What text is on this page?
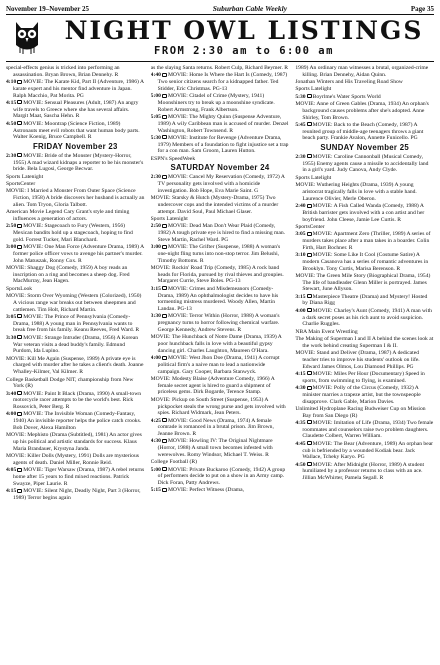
November 19–November 25	Suburban Cable Weekly	Page 35
NIGHT OWL LISTINGS
FROM 2:30 am to 6:00 am
special-effects genius is tricked into performing an assassination. Bryan Brown, Brian Dennehy. R
4:10 MOVIE: The Karate Kid, Part II (Adventure, 1986) A karate expert and his mentor find adventure in Japan. Ralph Macchio, Pat Morita. PG
4:15 MOVIE: Sensual Pleasures (Adult, 1987) An angry wife travels to Greece where she has several affairs. Margit Maat, Sascha Hehn. R
4:50 MOVIE: Moontrap (Science Fiction, 1989) Astronauts meet evil robots that want human body parts. Walter Koenig, Bruce Campbell. R
FRIDAY November 23
2:30 MOVIE: Bride of the Monster (Mystery-Horror, 1955) A mad wizard kidnaps a reporter to be his monster's bride. Bela Lugosi, George Becwar.
Sports Latenight
SportsCenter
MOVIE: I Married a Monster From Outer Space (Science Fiction, 1958) A bride discovers her husband is actually an alien. Tom Tryon, Gloria Talbott.
American Movie Legend Cary Grant's style and timing influences a generation of actors.
2:50 MOVIE: Stagecoach to Fury (Western, 1956) Mexican bandits hold up a stagecoach, hoping to find gold. Forrest Tucker, Mari Blanchard.
3:00 MOVIE: One Man Force (Adventure Drama, 1989) A former police officer vows to avenge his partner's murder. John Matuszak, Ronny Cox. R
MOVIE: Shaggy Dog (Comedy, 1959) A boy reads an inscription on a ring and becomes a sheep dog. Fred MacMurray, Jean Hagen.
SportsLook
MOVIE: Storm Over Wyoming (Western (Colorized), 1950) A vicious range war breaks out between sheepmen and cattlemen. Tim Holt, Richard Martin.
3:05 MOVIE: The Prince of Pennsylvania (Comedy-Drama, 1988) A young man in Pennsylvania wants to break free from his family. Keanu Reeves, Fred Ward. R
3:30 MOVIE: Strange Intruder (Drama, 1956) A Korean War veteran visits a dead buddy's family. Edmund Purdom, Ida Lupino.
MOVIE: Kill Me Again (Suspense, 1989) A private eye is charged with murder after he takes a client's death. Joanne Whalley-Kilmer, Val Kilmer. R
College Basketball Dodge NIT, championship from New York (R)
3:40 MOVIE: Paint It Black (Drama, 1990) A small-town motorcycle racer attempts to be the world's best. Rick Rossovich, Peter Berg. R
4:00 MOVIE: The Invisible Woman (Comedy-Fantasy, 1940) An invisible reporter helps the police catch crooks. Bob Dover, Alexa Hamilton
MOVIE: Mephisto (Drama (Subtitled), 1981) An actor gives up his political and artistic standards for success. Klaus Maria Brandauer, Krystyna Janda.
MOVIE: Killer Dolls (Mystery, 1991) Dolls are mysterious agents of death. Daniel Miller, Ronnie Reid.
4:05 MOVIE: Tiger Warsaw (Drama, 1987) A rebel returns home after 15 years to find mixed reactions. Patrick Swayze, Piper Laurie. R
4:15 MOVIE: Silent Night, Deadly Night, Part 3 (Horror, 1989) Terror begins again
as the slaying Santa returns. Robert Culp, Richard Beymer. R
4:40 MOVIE: Home Is Where the Hart Is (Comedy, 1987) Two senior citizens search for a kidnapped father. Ted Stidder, Eric Christmas. PG-13
5:00 MOVIE: Citadel of Crime (Mystery, 1941) Moonshiners try to break up a moonshine syndicate. Robert Armstrong, Frank Albertson.
5:05 MOVIE: The Mighty Quinn (Suspense Adventure, 1989) A wily Caribbean man is accused of murder. Denzel Washington, Robert Townsend. R
5:30 MOVIE: Institute for Revenge (Adventure Drama, 1979) Members of a foundation to fight injustice set a trap for a con man. Sam Groom, Lauren Hutton.
ESPN's SpeedWeek
SATURDAY November 24
2:30 MOVIE: Cancel My Reservation (Comedy, 1972) A TV personality gets involved with a homicide investigation. Bob Hope, Eva Marie Saint. G
MOVIE: Starsky & Hutch (Mystery-Drama, 1975) Two undercover cops and the intended victims of a murder attempt. David Soul, Paul Michael Glaser.
Sports Latenight
2:50 MOVIE: Dead Man Don't Wear Plaid (Comedy, 1982) A tough private eye is hired to find a missing man. Steve Martin, Rachel Ward. PG
3:00 MOVIE: The Grifter (Suspense, 1988) A woman's one-night fling turns into non-stop terror. Jim Belushi, Timothy Bottoms. R
MOVIE: Rockin' Road Trip (Comedy, 1985) A rock band heads for Florida, pursued by rival thieves and groupies. Margaret Currie, Steve Boles. PG-13
3:15 MOVIE: Crimes and Misdemeanors (Comedy-Drama, 1989) An ophthalmologist decides to have his tormenting mistress murdered. Woody Allen, Martin Landau. PG-13
3:30 MOVIE: Terror Within (Horror, 1988) A woman's pregnancy turns to horror following chemical warfare. George Kennedy, Andrew Stevens. R
MOVIE: The Hunchback of Notre Dame (Drama, 1939) A poor hunchback falls in love with a beautiful gypsy dancing girl. Charles Laughton, Maureen O'Hara.
4:00 MOVIE: West Jhon Doe (Drama, 1941) A corrupt political firm's a naive man to lead a nationwide campaign. Gary Cooper, Barbara Stanwyck.
MOVIE: Modesty Blaise (Adventure Comedy, 1966) A female secret agent is hired to guard a shipment of priceless gems. Dirk Bogarde, Terence Stamp.
MOVIE: Pickup on South Street (Suspense, 1953) A pickpocket steals the wrong purse and gets involved with spies. Richard Widmark, Jean Peters.
4:25 MOVIE: Good News (Drama, 1974) A female comrade is romanced in a brutal prison. Jim Brown, Jeanne Brown. R
4:30 MOVIE: Howling IV: The Original Nightmare (Horror, 1988) A small town becomes infested with werewolves. Romy Windsor, Michael T. Weiss. R
College Football (R)
5:00 MOVIE: Private Buckaroo (Comedy, 1942) A group of performers decide to put on a show in an Army camp. Dick Foran, Patty Andrews.
5:15 MOVIE: Perfect Witness (Drama,
1989) An ordinary man witnesses a brutal, organized-crime killing. Brian Dennehy, Aidan Quinn.
Jonathan Winters and His Traveling Road Show
Sports Latelight
5:30 Boyrlme's Water Sports World
MOVIE: Anne of Green Gables (Drama, 1934) An orphan's background causes problems after she's adopted. Anne Shirley, Tom Brown.
5:45 MOVIE: Back to the Beach (Comedy, 1987) A reunited group of middle-age teenagers throws a giant beach party. Frankie Avalon, Annette Funicello. PG
SUNDAY November 25
2:30 MOVIE: Caroline Cannonball (Musical Comedy, 1955) Enemy agents cause a missile to accidentally land in a girl's yard. Judy Canova, Andy Clyde.
Sports Latelight
MOVIE: Wuthering Heights (Drama, 1939) A young aristocrat tragically falls in love with a stable hand. Laurence Olivier, Merle Oberon.
2:40 MOVIE: A Fish Called Wanda (Comedy, 1988) A British barrister gets involved with a con artist and her boyfriend. John Cleese, Jamie Lee Curtis. R
SportsCenter
3:05 MOVIE: Apartment Zero (Thriller, 1989) A series of murders takes place after a man takes in a boarder. Colin Firth, Hart Bochner. R
3:10 MOVIE: Some Like It Cool (Costume Satire) A modern Casanova has a series of romantic adventures in Brooklyn. Tony Curtis, Marisa Berenson. R
MOVIE: The Green Mile Story (Biographical Drama, 1954) The life of bandleader Glenn Miller is portrayed. James Stewart, June Allyson.
3:15 Masterpiece Theatre (Drama) and Mystery! Hosted by Diana Rigg
4:00 MOVIE: Charley's Aunt (Comedy, 1941) A man with a dark secret poses as his rich aunt to avoid suspicion. Charlie Ruggles.
NBA Main Event Wrestling
The Making of Superman I and II A behind the scenes look at the work behind creating Superman I & II.
MOVIE: Stand and Deliver (Drama, 1987) A dedicated teacher tries to improve his students' outlook on life. Edward James Olmos, Lou Diamond Phillips. PG
4:15 MOVIE: Miles Per Hour (Documentary) Speed in sports, from swimming to flying, is examined.
4:30 MOVIE: Polly of the Circus (Comedy, 1932) A minister marries a trapeze artist, but the townspeople disapprove. Clark Gable, Marion Davies.
Unlimited Hydroplane Racing Budweiser Cup on Mission Bay from San Diego (R)
4:35 MOVIE: Imitation of Life (Drama, 1934) Two female roommates and counselors raise two problem daughters. Claudette Colbert, Warren William.
4:45 MOVIE: The Bear (Adventure, 1989) An orphan bear cub is befriended by a wounded Kodiak bear. Jack Wallace, Tcheky Karyo. PG
4:50 MOVIE: After Midnight (Horror, 1989) A student humiliated by a professor returns to class with an ace. Jillian McWhirter, Pamela Segall. R
